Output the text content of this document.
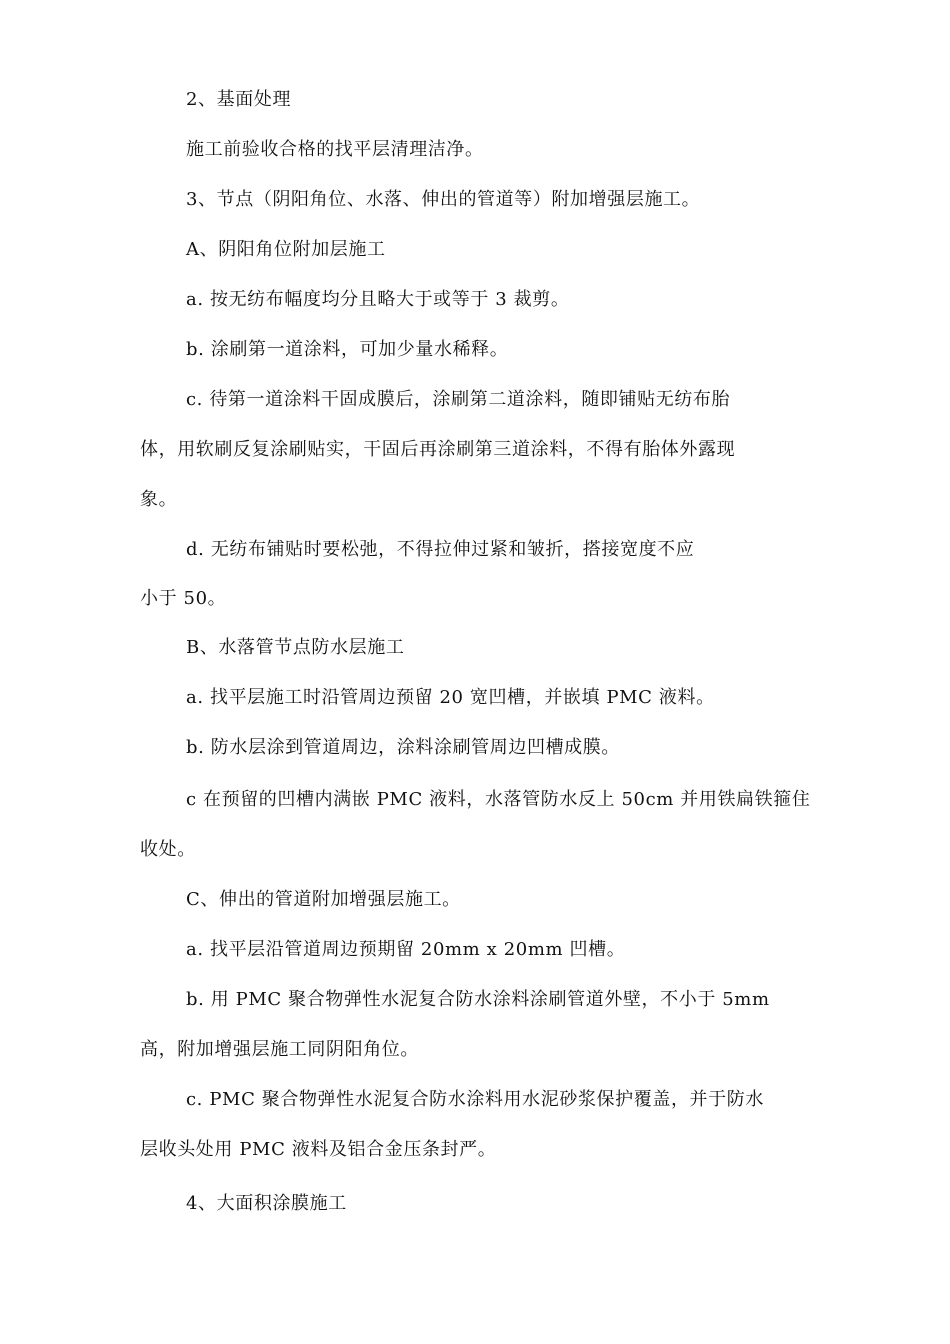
2、基面处理
施工前验收合格的找平层清理洁净。
3、节点（阴阳角位、水落、伸出的管道等）附加增强层施工。
A、阴阳角位附加层施工
a. 按无纺布幅度均分且略大于或等于 3 裁剪。
b. 涂刷第一道涂料，可加少量水稀释。
c. 待第一道涂料干固成膜后，涂刷第二道涂料，随即铺贴无纺布胎
体，用软刷反复涂刷贴实，干固后再涂刷第三道涂料，不得有胎体外露现
象。
d. 无纺布铺贴时要松弛，不得拉伸过紧和皱折，搭接宽度不应
小于 50。
B、水落管节点防水层施工
a. 找平层施工时沿管周边预留 20 宽凹槽，并嵌填 PMC 液料。
b. 防水层涂到管道周边，涂料涂刷管周边凹槽成膜。
c 在预留的凹槽内满嵌 PMC 液料，水落管防水反上 50cm 并用铁扁铁箍住
收处。
C、伸出的管道附加增强层施工。
a. 找平层沿管道周边预期留 20mm x 20mm 凹槽。
b. 用 PMC 聚合物弹性水泥复合防水涂料涂刷管道外壁，不小于 5mm
高，附加增强层施工同阴阳角位。
c. PMC 聚合物弹性水泥复合防水涂料用水泥砂浆保护覆盖，并于防水
层收头处用 PMC 液料及铝合金压条封严。
4、大面积涂膜施工
